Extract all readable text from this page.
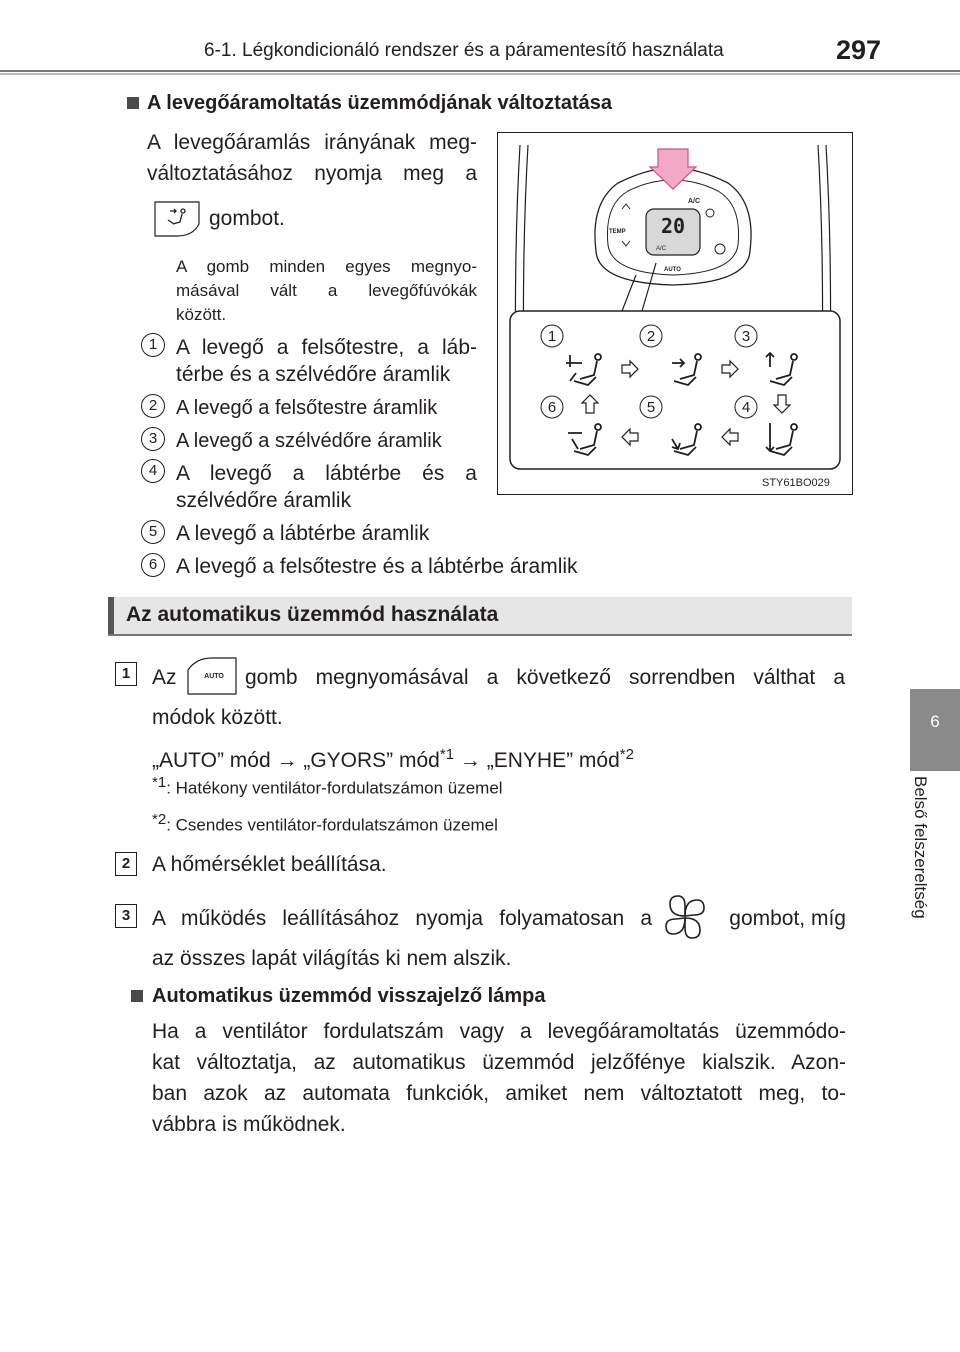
6-1. Légkondicionáló rendszer és a páramentesítő használata	297
6
Belső felszereltség
A levegőáramoltatás üzemmódjának változtatása
A levegőáramlás irányának meg-
változtatásához nyomja meg a
gombot.
A gomb minden egyes megnyo-
másával vált a levegőfúvókák
között.
1 A levegő a felsőtestre, a láb-
térbe és a szélvédőre áramlik
2 A levegő a felsőtestre áramlik
3 A levegő a szélvédőre áramlik
4 A levegő a lábtérbe és a
szélvédőre áramlik
5 A levegő a lábtérbe áramlik
6 A levegő a felsőtestre és a lábtérbe áramlik
20
A/C
A/C
TEMP
AUTO
1	2	3
4
5
6
STY61BO029
Az automatikus üzemmód használata
1	Az	AUTO gomb megnyomásával a következő sorrendben válthat a
módok között.
„AUTO” mód → „GYORS” mód$^{*1}$ → „ENYHE” mód$^{*2}$
$^{*1}$: Hatékony ventilátor-fordulatszámon üzemel
$^{*2}$: Csendes ventilátor-fordulatszámon üzemel
2	A hőmérséklet beállítása.
3	A működés leállításához nyomja folyamatosan a	gombot, míg
az összes lapát világítás ki nem alszik.
Automatikus üzemmód visszajelző lámpa
Ha a ventilátor fordulatszám vagy a levegőáramoltatás üzemmódo-
kat változtatja, az automatikus üzemmód jelzőfénye kialszik. Azon-
ban azok az automata funkciók, amiket nem változtatott meg, to-
vábbra is működnek.
